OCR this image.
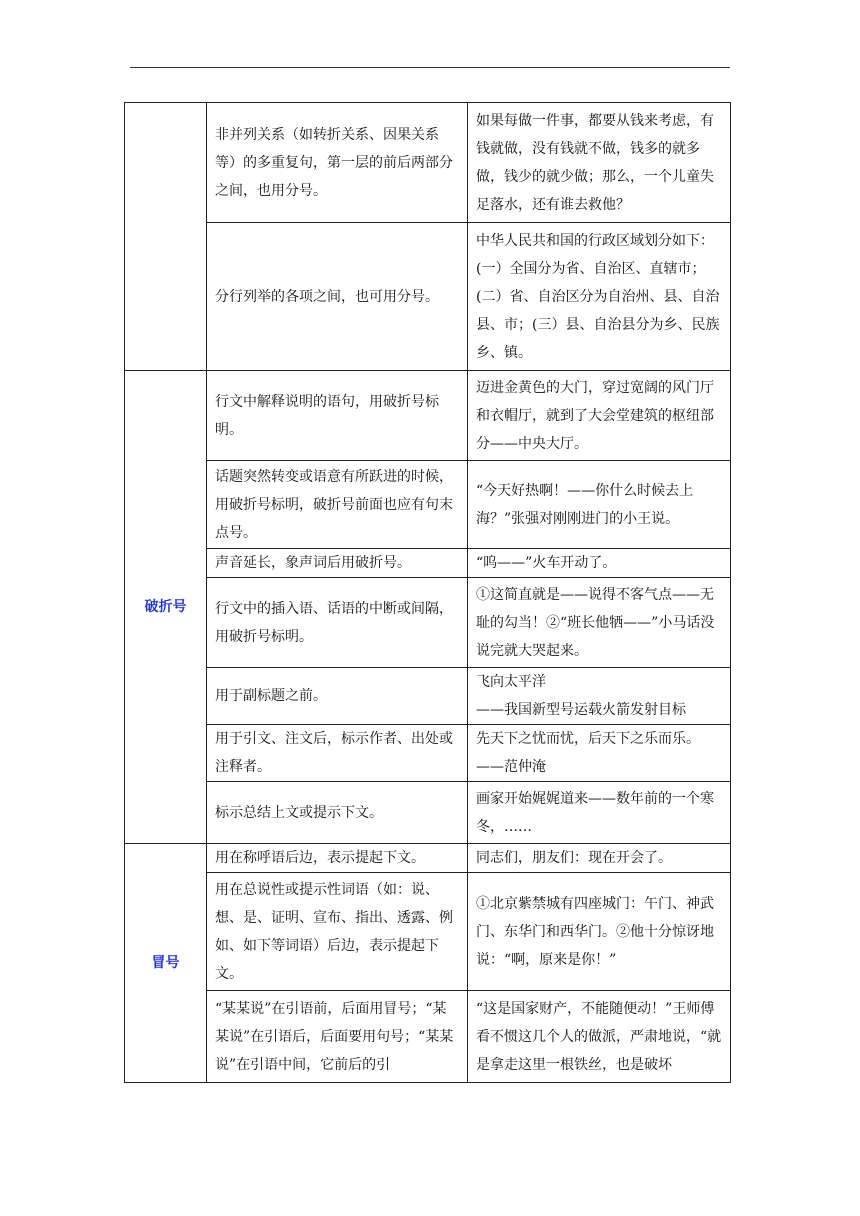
	非并列关系（如转折关系、因果关系等）的多重复句，第一层的前后两部分之间，也用分号。	如果每做一件事，都要从钱来考虑，有钱就做，没有钱就不做，钱多的就多做，钱少的就少做；那么，一个儿童失足落水，还有谁去救他？
	分行列举的各项之间，也可用分号。	中华人民共和国的行政区域划分如下：(一）全国分为省、自治区、直辖市；(二）省、自治区分为自治州、县、自治县、市；(三）县、自治县分为乡、民族乡、镇。
破折号	行文中解释说明的语句，用破折号标明。	迈进金黄色的大门，穿过宽阔的风门厅和衣帽厅，就到了大会堂建筑的枢纽部分——中央大厅。
	话题突然转变或语意有所跃进的时候，用破折号标明，破折号前面也应有句末点号。	“今天好热啊！——你什么时候去上海？”张强对刚刚进门的小王说。
	声音延长，象声词后用破折号。	“呜——”火车开动了。
	行文中的插入语、话语的中断或间隔，用破折号标明。	①这简直就是——说得不客气点——无耻的勾当！②“班长他牺——”小马话没说完就大哭起来。
	用于副标题之前。	飞向太平洋
——我国新型号运载火箭发射目标

	用于引文、注文后，标示作者、出处或注释者。	先天下之忧而忧，后天下之乐而乐。
——范仲淹

	标示总结上文或提示下文。	画家开始娓娓道来——数年前的一个寒冬，……
冒号	用在称呼语后边，表示提起下文。	同志们，朋友们：现在开会了。
	用在总说性或提示性词语（如：说、想、是、证明、宣布、指出、透露、例如、如下等词语）后边，表示提起下文。	①北京紫禁城有四座城门：午门、神武门、东华门和西华门。②他十分惊讶地说：“啊，原来是你！”
	“某某说”在引语前，后面用冒号；“某某说”在引语后，后面要用句号；“某某说”在引语中间，它前后的引	“这是国家财产，不能随便动！”王师傅看不惯这几个人的做派，严肃地说，“就是拿走这里一根铁丝，也是破坏
